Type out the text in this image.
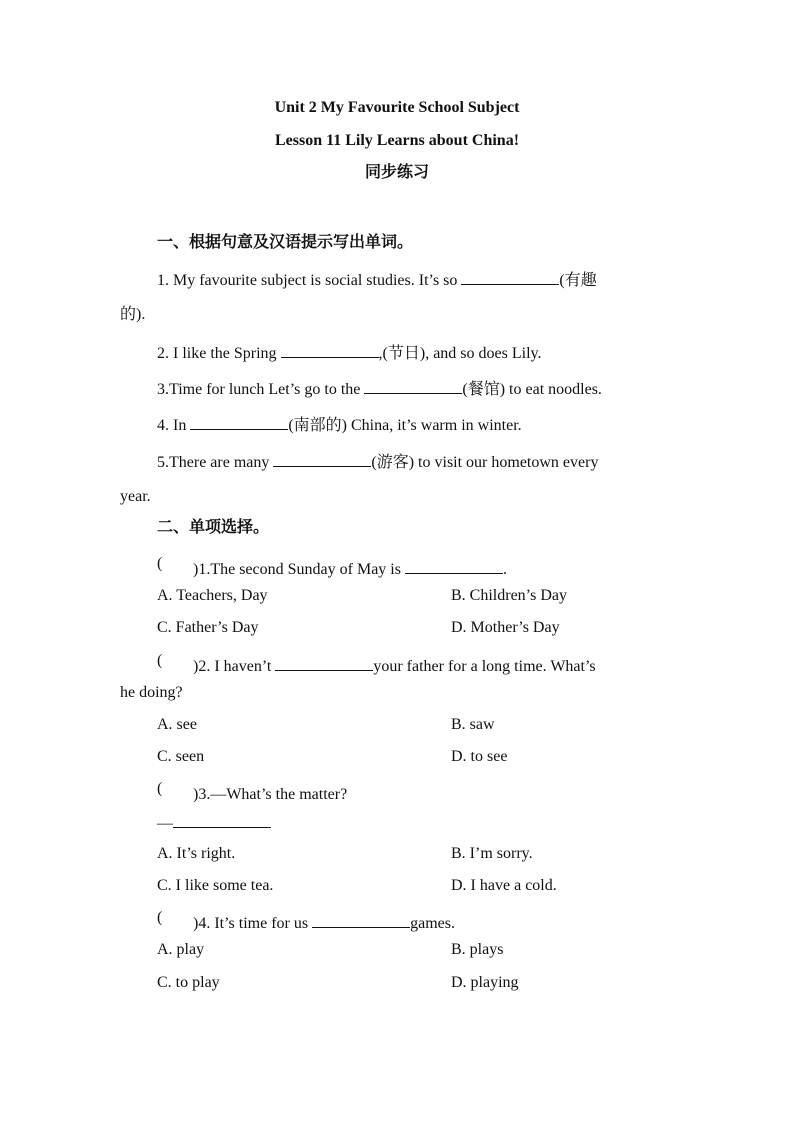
Unit 2 My Favourite School Subject
Lesson 11 Lily Learns about China!
同步练习
一、根据句意及汉语提示写出单词。
1. My favourite subject is social studies. It’s so	(有趣
的).
2. I like the Spring	,(节日), and so does Lily.
3.Time for lunch Let’s go to the	(餐馆) to eat noodles.
4. In	(南部的) China, it’s warm in winter.
5.There are many	(游客) to visit our hometown every
year.
二、单项选择。
( )1.The second Sunday of May is	.
A. Teachers, Day	B. Children’s Day
C. Father’s Day	D. Mother’s Day
( )2. I haven’t	your father for a long time. What’s
he doing?
A. see	B. saw
C. seen	D. to see
( )3.—What’s the matter?
—
A. It’s right.	B. I’m sorry.
C. I like some tea.	D. I have a cold.
( )4. It’s time for us	games.
A. play	B. plays
C. to play	D. playing
